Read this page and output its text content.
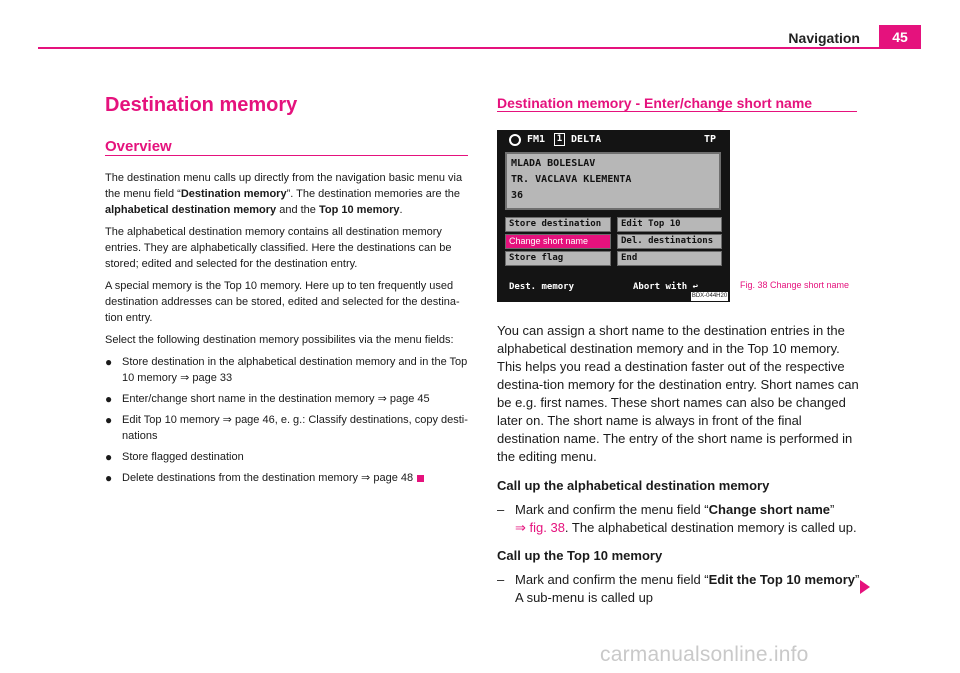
Navigation	45
Destination memory
Overview

The destination menu calls up directly from the navigation basic menu via the menu field “Destination memory”. The destination memories are the alphabetical destination memory and the Top 10 memory.

The alphabetical destination memory contains all destination memory entries. They are alphabetically classified. Here the destinations can be stored; edited and selected for the destination entry.

A special memory is the Top 10 memory. Here up to ten frequently used destination addresses can be stored, edited and selected for the destina-tion entry.

Select the following destination memory possibilites via the menu fields:

● Store destination in the alphabetical destination memory and in the Top 10 memory ⇒ page 33
● Enter/change short name in the destination memory ⇒ page 45
● Edit Top 10 memory ⇒ page 46, e. g.: Classify destinations, copy desti-nations
● Store flagged destination
● Delete destinations from the destination memory ⇒ page 48
Destination memory - Enter/change short name
FM1	1 DELTA	TP
MLADA BOLESLAV
TR. VACLAVA KLEMENTA
36
Store destination	Edit Top 10
Change short name	Del. destinations
Store flag	End
Dest. memory	Abort with ↩
BDX-044H20
Fig. 38 Change short name

You can assign a short name to the destination entries in the alphabetical destination memory and in the Top 10 memory. This helps you read a destination faster out of the respective destina-tion memory for the destination entry. Short names can be e.g. first names. These short names can also be changed later on. The short name is always in front of the final destination name. The entry of the short name is performed in the editing menu.

Call up the alphabetical destination memory
– Mark and confirm the menu field “Change short name”
⇒ fig. 38. The alphabetical destination memory is called up.
Call up the Top 10 memory
– Mark and confirm the menu field “Edit the Top 10 memory”.
A sub-menu is called up
carmanualsonline.info
